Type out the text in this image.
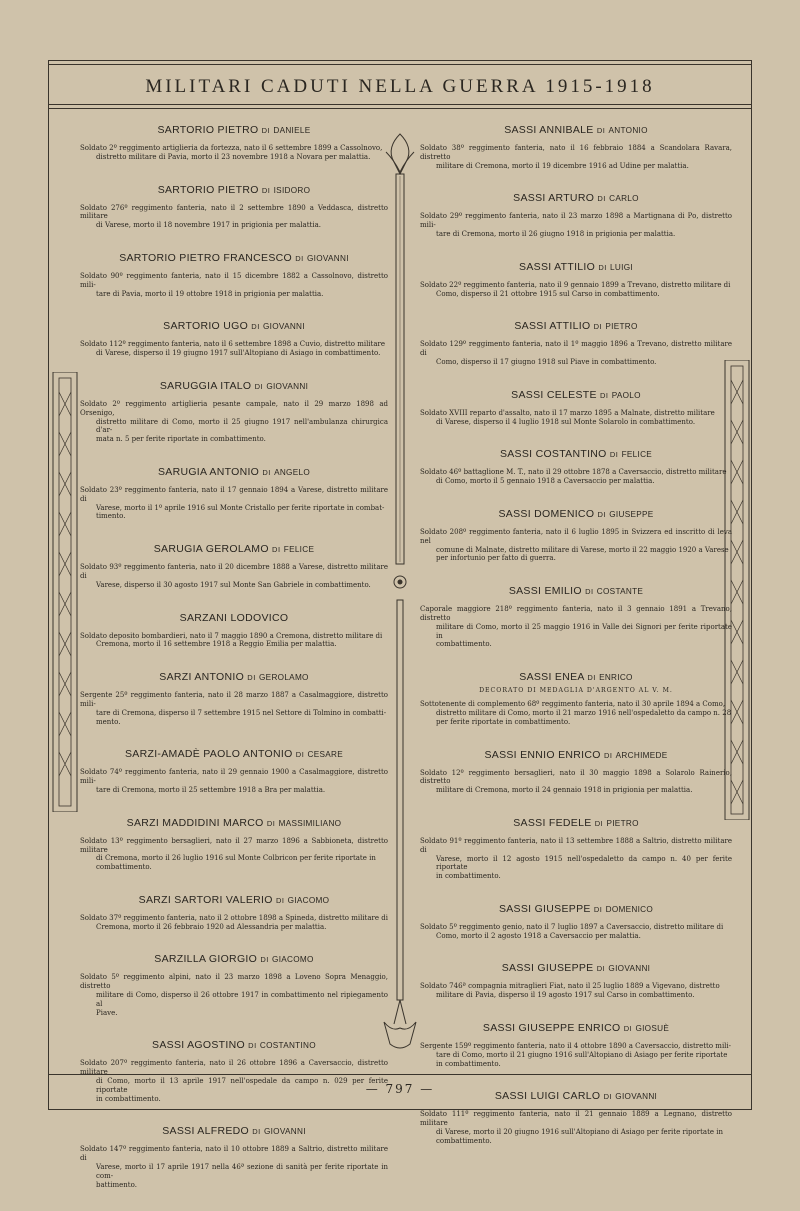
MILITARI CADUTI NELLA GUERRA 1915-1918
SARTORIO PIETRO DI DANIELE

Soldato 2º reggimento artiglieria da fortezza, nato il 6 settembre 1899 a Cassolnovo,
distretto militare di Pavia, morto il 23 novembre 1918 a Novara per malattia.

SARTORIO PIETRO DI ISIDORO

Soldato 276º reggimento fanteria, nato il 2 settembre 1890 a Veddasca, distretto militare
di Varese, morto il 18 novembre 1917 in prigionia per malattia.

SARTORIO PIETRO FRANCESCO DI GIOVANNI

Soldato 90º reggimento fanteria, nato il 15 dicembre 1882 a Cassolnovo, distretto mili-
tare di Pavia, morto il 19 ottobre 1918 in prigionia per malattia.

SARTORIO UGO DI GIOVANNI

Soldato 112º reggimento fanteria, nato il 6 settembre 1898 a Cuvio, distretto militare
di Varese, disperso il 19 giugno 1917 sull'Altopiano di Asiago in combattimento.

SARUGGIA ITALO DI GIOVANNI

Soldato 2º reggimento artiglieria pesante campale, nato il 29 marzo 1898 ad Orsenigo,
distretto militare di Como, morto il 25 giugno 1917 nell'ambulanza chirurgica d'ar-
mata n. 5 per ferite riportate in combattimento.

SARUGIA ANTONIO DI ANGELO

Soldato 23º reggimento fanteria, nato il 17 gennaio 1894 a Varese, distretto militare di
Varese, morto il 1º aprile 1916 sul Monte Cristallo per ferite riportate in combat-
timento.

SARUGIA GEROLAMO DI FELICE

Soldato 93º reggimento fanteria, nato il 20 dicembre 1888 a Varese, distretto militare di
Varese, disperso il 30 agosto 1917 sul Monte San Gabriele in combattimento.

SARZANI LODOVICO

Soldato deposito bombardieri, nato il 7 maggio 1890 a Cremona, distretto militare di
Cremona, morto il 16 settembre 1918 a Reggio Emilia per malattia.

SARZI ANTONIO DI GEROLAMO

Sergente 25º reggimento fanteria, nato il 28 marzo 1887 a Casalmaggiore, distretto mili-
tare di Cremona, disperso il 7 settembre 1915 nel Settore di Tolmino in combatti-
mento.

SARZI-AMADÈ PAOLO ANTONIO DI CESARE

Soldato 74º reggimento fanteria, nato il 29 gennaio 1900 a Casalmaggiore, distretto mili-
tare di Cremona, morto il 25 settembre 1918 a Bra per malattia.

SARZI MADDIDINI MARCO DI MASSIMILIANO

Soldato 13º reggimento bersaglieri, nato il 27 marzo 1896 a Sabbioneta, distretto militare
di Cremona, morto il 26 luglio 1916 sul Monte Colbricon per ferite riportate in
combattimento.

SARZI SARTORI VALERIO DI GIACOMO

Soldato 37º reggimento fanteria, nato il 2 ottobre 1898 a Spineda, distretto militare di
Cremona, morto il 26 febbraio 1920 ad Alessandria per malattia.

SARZILLA GIORGIO DI GIACOMO

Soldato 5º reggimento alpini, nato il 23 marzo 1898 a Loveno Sopra Menaggio, distretto
militare di Como, disperso il 26 ottobre 1917 in combattimento nel ripiegamento al
Piave.

SASSI AGOSTINO DI COSTANTINO

Soldato 207º reggimento fanteria, nato il 26 ottobre 1896 a Caversaccio, distretto militare
di Como, morto il 13 aprile 1917 nell'ospedale da campo n. 029 per ferite riportate
in combattimento.

SASSI ALFREDO DI GIOVANNI

Soldato 147º reggimento fanteria, nato il 10 ottobre 1889 a Saltrio, distretto militare di
Varese, morto il 17 aprile 1917 nella 46ª sezione di sanità per ferite riportate in com-
battimento.

SASSI ANNIBALE DI ANTONIO

Soldato 38º reggimento fanteria, nato il 16 febbraio 1884 a Scandolara Ravara, distretto
militare di Cremona, morto il 19 dicembre 1916 ad Udine per malattia.

SASSI ARTURO DI CARLO

Soldato 29º reggimento fanteria, nato il 23 marzo 1898 a Martignana di Po, distretto mili-
tare di Cremona, morto il 26 giugno 1918 in prigionia per malattia.

SASSI ATTILIO DI LUIGI

Soldato 22º reggimento fanteria, nato il 9 gennaio 1899 a Trevano, distretto militare di
Como, disperso il 21 ottobre 1915 sul Carso in combattimento.

SASSI ATTILIO DI PIETRO

Soldato 129º reggimento fanteria, nato il 1º maggio 1896 a Trevano, distretto militare di
Como, disperso il 17 giugno 1918 sul Piave in combattimento.

SASSI CELESTE DI PAOLO

Soldato XVIII reparto d'assalto, nato il 17 marzo 1895 a Malnate, distretto militare
di Varese, disperso il 4 luglio 1918 sul Monte Solarolo in combattimento.

SASSI COSTANTINO DI FELICE

Soldato 46º battaglione M. T., nato il 29 ottobre 1878 a Caversaccio, distretto militare
di Como, morto il 5 gennaio 1918 a Caversaccio per malattia.

SASSI DOMENICO DI GIUSEPPE

Soldato 208º reggimento fanteria, nato il 6 luglio 1895 in Svizzera ed inscritto di leva nel
comune di Malnate, distretto militare di Varese, morto il 22 maggio 1920 a Varese
per infortunio per fatto di guerra.

SASSI EMILIO DI COSTANTE

Caporale maggiore 218º reggimento fanteria, nato il 3 gennaio 1891 a Trevano, distretto
militare di Como, morto il 25 maggio 1916 in Valle dei Signori per ferite riportate in
combattimento.

SASSI ENEA DI ENRICO
DECORATO DI MEDAGLIA D'ARGENTO AL V. M.

Sottotenente di complemento 68º reggimento fanteria, nato il 30 aprile 1894 a Como,
distretto militare di Como, morto il 21 marzo 1916 nell'ospedaletto da campo n. 28
per ferite riportate in combattimento.

SASSI ENNIO ENRICO DI ARCHIMEDE

Soldato 12º reggimento bersaglieri, nato il 30 maggio 1898 a Solarolo Rainerio, distretto
militare di Cremona, morto il 24 gennaio 1918 in prigionia per malattia.

SASSI FEDELE DI PIETRO

Soldato 91º reggimento fanteria, nato il 13 settembre 1888 a Saltrio, distretto militare di
Varese, morto il 12 agosto 1915 nell'ospedaletto da campo n. 40 per ferite riportate
in combattimento.

SASSI GIUSEPPE DI DOMENICO

Soldato 5º reggimento genio, nato il 7 luglio 1897 a Caversaccio, distretto militare di
Como, morto il 2 agosto 1918 a Caversaccio per malattia.

SASSI GIUSEPPE DI GIOVANNI

Soldato 746ª compagnia mitraglieri Fiat, nato il 25 luglio 1889 a Vigevano, distretto
militare di Pavia, disperso il 19 agosto 1917 sul Carso in combattimento.

SASSI GIUSEPPE ENRICO DI GIOSUÈ

Sergente 159º reggimento fanteria, nato il 4 ottobre 1890 a Caversaccio, distretto mili-
tare di Como, morto il 21 giugno 1916 sull'Altopiano di Asiago per ferite riportate
in combattimento.

SASSI LUIGI CARLO DI GIOVANNI

Soldato 111º reggimento fanteria, nato il 21 gennaio 1889 a Legnano, distretto militare
di Varese, morto il 20 giugno 1916 sull'Altopiano di Asiago per ferite riportate in
combattimento.

— 797 —
